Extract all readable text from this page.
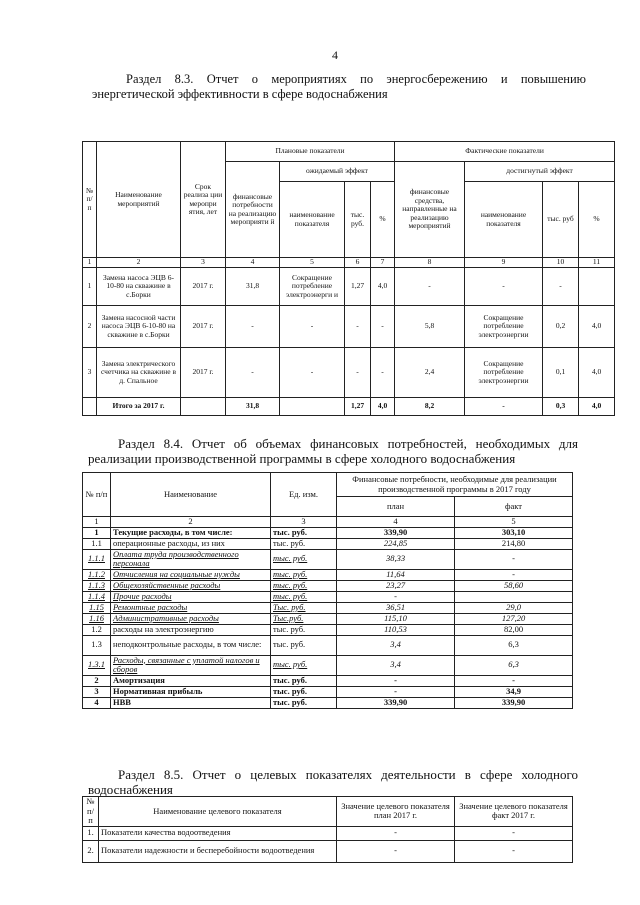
4
Раздел 8.3. Отчет о мероприятиях по энергосбережению и повышению энергетической эффективности в сфере водоснабжения
№ п/ п	Наименование мероприятий	Срок реализа ции меропри ятия, лет	Плановые показатели				Фактические показатели			
			финансовые потребности на реализацию мероприяти й	ожидаемый эффект			финансовые средства, направленные на реализацию мероприятий	достигнутый эффект		
				наименование показателя	тыс. руб.	%		наименование показателя	тыс. руб	%
1	2	3	4	5	6	7	8	9	10	11
1	Замена насоса ЭЦВ 6-10-80 на скважине в с.Борки	2017 г.	31,8	Сокращение потребление электроэнерги и	1,27	4,0	-	-	-	
2	Замена насосной части насоса ЭЦВ 6-10-80 на скважине в с.Борки	2017 г.	-	-	-	-	5,8	Сокращение потребление электроэнергии	0,2	4,0
3	Замена электрического счетчика на скважине в д. Спальное	2017 г.	-	-	-	-	2,4	Сокращение потребление электроэнергии	0,1	4,0
	Итого за 2017 г.		31,8		1,27	4,0	8,2	-	0,3	4,0
Раздел 8.4. Отчет об объемах финансовых потребностей, необходимых для реализации производственной программы в сфере холодного водоснабжения
№ п/п	Наименование	Ед. изм.	Финансовые потребности, необходимые для реализации производственной программы в 2017 году	
			план	факт
1	2	3	4	5
1	Текущие расходы, в том числе:	тыс. руб.	339,90	303,10
1.1	операционные расходы, из них	тыс. руб.	224,85	214,80
1.1.1	Оплата труда производственного персонала	тыс. руб.	38,33	-
1.1.2	Отчисления на социальные нужды	тыс. руб.	11,64	-
1.1.3	Общехозяйственные расходы	тыс. руб.	23,27	58,60
1.1.4	Прочие расходы	тыс. руб.	-	
1.15	Ремонтные расходы	Тыс. руб.	36,51	29,0
1.16	Административные расходы	Тыс.руб.	115,10	127,20
1.2	расходы на электроэнергию	тыс. руб.	110,53	82,00
1.3	неподконтрольные расходы, в том числе:	тыс. руб.	3,4	6,3
1.3.1	Расходы, связанные с уплатой налогов и сборов	тыс. руб.	3,4	6,3
2	Амортизация	тыс. руб.	-	-
3	Нормативная прибыль	тыс. руб.	-	34,9
4	НВВ	тыс. руб.	339,90	339,90
Раздел 8.5. Отчет о целевых показателях деятельности в сфере холодного водоснабжения
№ п/п	Наименование целевого показателя	Значение целевого показателя план 2017 г.	Значение целевого показателя факт 2017 г.
1.	Показатели качества водоотведения	-	-
2.	Показатели надежности и бесперебойности водоотведения	-	-
